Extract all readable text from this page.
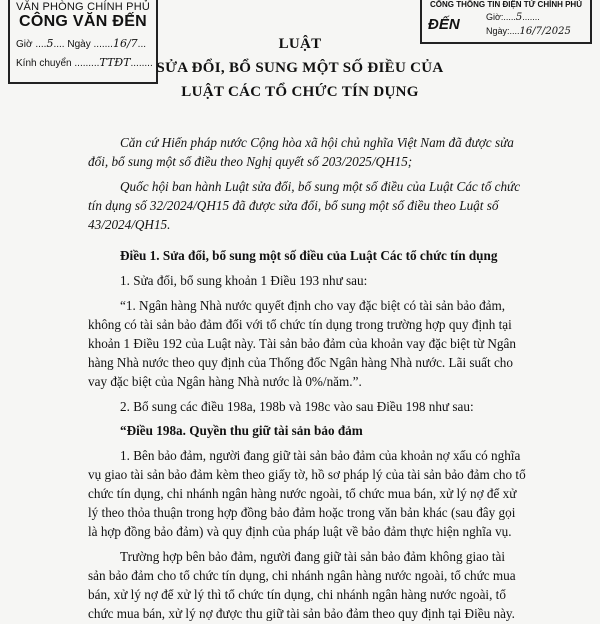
VĂN PHÒNG CHÍNH PHỦ
CÔNG VĂN ĐẾN
Giờ ....5.... Ngày .......16/7...
Kính chuyển .........TTĐT........
CỔNG THÔNG TIN ĐIỆN TỬ CHÍNH PHỦ
ĐẾN	Giờ:.....5.......
Ngày:....16/7/2025
LUẬT
SỬA ĐỔI, BỔ SUNG MỘT SỐ ĐIỀU CỦA
LUẬT CÁC TỔ CHỨC TÍN DỤNG
Căn cứ Hiến pháp nước Cộng hòa xã hội chủ nghĩa Việt Nam đã được sửa
đổi, bổ sung một số điều theo Nghị quyết số 203/2025/QH15;
Quốc hội ban hành Luật sửa đổi, bổ sung một số điều của Luật Các tổ chức
tín dụng số 32/2024/QH15 đã được sửa đổi, bổ sung một số điều theo Luật số
43/2024/QH15.
Điều 1. Sửa đổi, bổ sung một số điều của Luật Các tổ chức tín dụng
1. Sửa đổi, bổ sung khoản 1 Điều 193 như sau:
“1. Ngân hàng Nhà nước quyết định cho vay đặc biệt có tài sản bảo đảm,
không có tài sản bảo đảm đối với tổ chức tín dụng trong trường hợp quy định tại
khoản 1 Điều 192 của Luật này. Tài sản bảo đảm của khoản vay đặc biệt từ Ngân
hàng Nhà nước theo quy định của Thống đốc Ngân hàng Nhà nước. Lãi suất cho
vay đặc biệt của Ngân hàng Nhà nước là 0%/năm.”.
2. Bổ sung các điều 198a, 198b và 198c vào sau Điều 198 như sau:
“Điều 198a. Quyền thu giữ tài sản bảo đảm
1. Bên bảo đảm, người đang giữ tài sản bảo đảm của khoản nợ xấu có nghĩa
vụ giao tài sản bảo đảm kèm theo giấy tờ, hồ sơ pháp lý của tài sản bảo đảm cho tổ
chức tín dụng, chi nhánh ngân hàng nước ngoài, tổ chức mua bán, xử lý nợ để xử
lý theo thỏa thuận trong hợp đồng bảo đảm hoặc trong văn bản khác (sau đây gọi
là hợp đồng bảo đảm) và quy định của pháp luật về bảo đảm thực hiện nghĩa vụ.
Trường hợp bên bảo đảm, người đang giữ tài sản bảo đảm không giao tài
sản bảo đảm cho tổ chức tín dụng, chi nhánh ngân hàng nước ngoài, tổ chức mua
bán, xử lý nợ để xử lý thì tổ chức tín dụng, chi nhánh ngân hàng nước ngoài, tổ
chức mua bán, xử lý nợ được thu giữ tài sản bảo đảm theo quy định tại Điều này.
